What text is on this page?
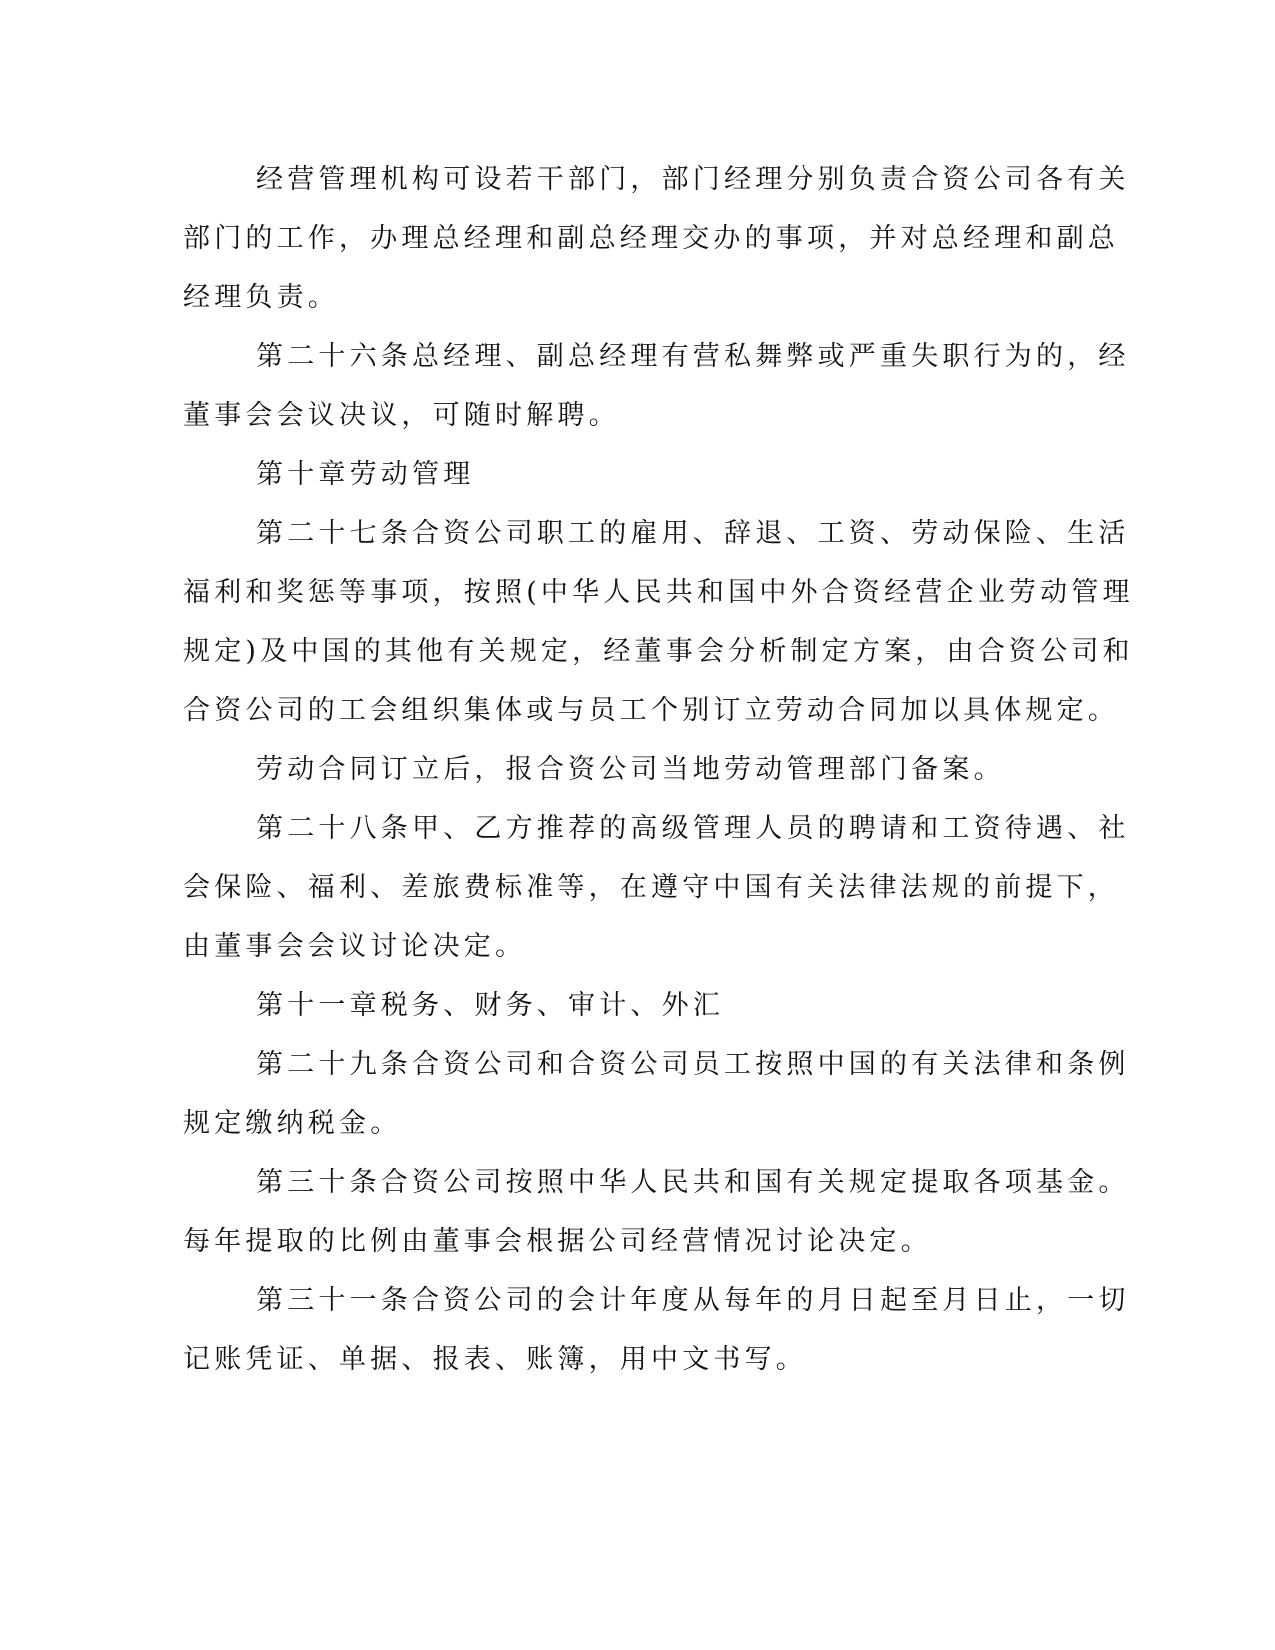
经营管理机构可设若干部门，部门经理分别负责合资公司各有关
部门的工作，办理总经理和副总经理交办的事项，并对总经理和副总
经理负责。
第二十六条总经理、副总经理有营私舞弊或严重失职行为的，经
董事会会议决议，可随时解聘。
第十章劳动管理
第二十七条合资公司职工的雇用、辞退、工资、劳动保险、生活
福利和奖惩等事项，按照(中华人民共和国中外合资经营企业劳动管理
规定)及中国的其他有关规定，经董事会分析制定方案，由合资公司和
合资公司的工会组织集体或与员工个别订立劳动合同加以具体规定。
劳动合同订立后，报合资公司当地劳动管理部门备案。
第二十八条甲、乙方推荐的高级管理人员的聘请和工资待遇、社
会保险、福利、差旅费标准等，在遵守中国有关法律法规的前提下，
由董事会会议讨论决定。
第十一章税务、财务、审计、外汇
第二十九条合资公司和合资公司员工按照中国的有关法律和条例
规定缴纳税金。
第三十条合资公司按照中华人民共和国有关规定提取各项基金。
每年提取的比例由董事会根据公司经营情况讨论决定。
第三十一条合资公司的会计年度从每年的月日起至月日止，一切
记账凭证、单据、报表、账簿，用中文书写。
